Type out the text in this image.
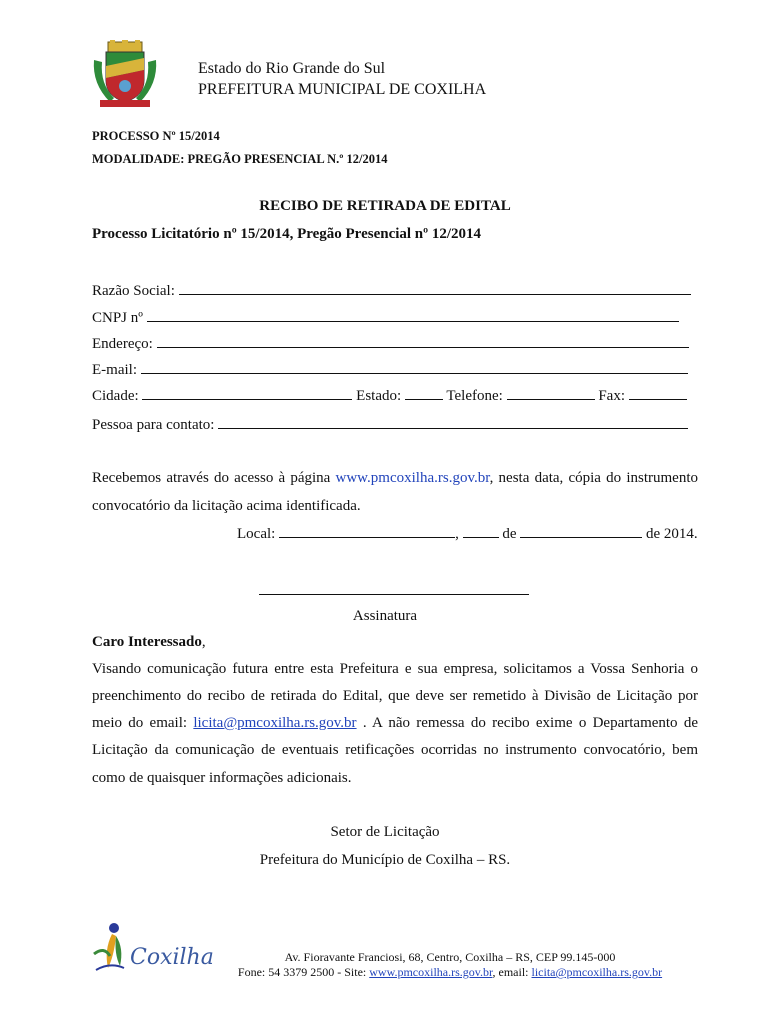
Estado do Rio Grande do Sul
PREFEITURA MUNICIPAL DE COXILHA
PROCESSO Nº 15/2014
MODALIDADE: PREGÃO PRESENCIAL N.º 12/2014
RECIBO DE RETIRADA DE EDITAL
Processo Licitatório nº 15/2014, Pregão Presencial nº 12/2014
Razão Social:
CNPJ nº
Endereço:
E-mail:
Cidade:	Estado:	Telefone:	Fax:
Pessoa para contato:
Recebemos através do acesso à página www.pmcoxilha.rs.gov.br, nesta data, cópia do instrumento
convocatório da licitação acima identificada.
Local:	,	de	de 2014.
Assinatura
Caro Interessado,
Visando comunicação futura entre esta Prefeitura e sua empresa, solicitamos a Vossa Senhoria o
preenchimento do recibo de retirada do Edital, que deve ser remetido à Divisão de Licitação por
meio do email: licita@pmcoxilha.rs.gov.br . A não remessa do recibo exime o Departamento de
Licitação da comunicação de eventuais retificações ocorridas no instrumento convocatório, bem
como de quaisquer informações adicionais.
Setor de Licitação
Prefeitura do Município de Coxilha – RS.
Coxilha	Av. Fioravante Franciosi, 68, Centro, Coxilha – RS, CEP 99.145-000
Fone: 54 3379 2500 - Site: www.pmcoxilha.rs.gov.br, email: licita@pmcoxilha.rs.gov.br
